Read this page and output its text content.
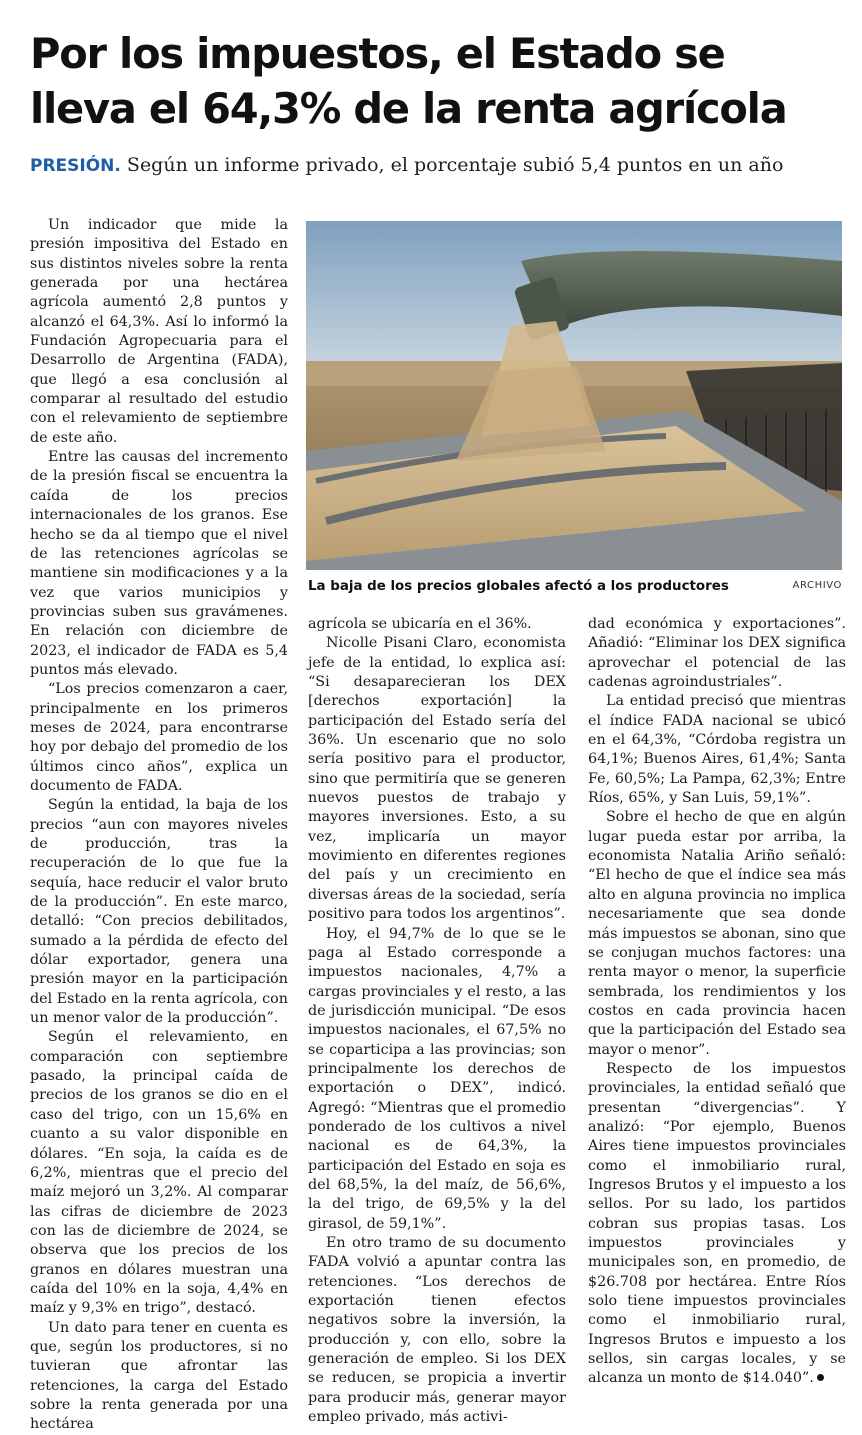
Por los impuestos, el Estado se
lleva el 64,3% de la renta agrícola
PRESIÓN. Según un informe privado, el porcentaje subió 5,4 puntos en un año

Un indicador que mide la presión impositiva del Estado en sus distintos niveles sobre la renta generada por una hectárea agrícola aumentó 2,8 puntos y alcanzó el 64,3%. Así lo informó la Fundación Agropecuaria para el Desarrollo de Argentina (FADA), que llegó a esa conclusión al comparar al resultado del estudio con el relevamiento de septiembre de este año.

Entre las causas del incremento de la presión fiscal se encuentra la caída de los precios internacionales de los granos. Ese hecho se da al tiempo que el nivel de las retenciones agrícolas se mantiene sin modificaciones y a la vez que varios municipios y provincias suben sus gravámenes. En relación con diciembre de 2023, el indicador de FADA es 5,4 puntos más elevado.

“Los precios comenzaron a caer, principalmente en los primeros meses de 2024, para encontrarse hoy por debajo del promedio de los últimos cinco años”, explica un documento de FADA.

Según la entidad, la baja de los precios “aun con mayores niveles de producción, tras la recuperación de lo que fue la sequía, hace reducir el valor bruto de la producción”. En este marco, detalló: “Con precios debilitados, sumado a la pérdida de efecto del dólar exportador, genera una presión mayor en la participación del Estado en la renta agrícola, con un menor valor de la producción”.

Según el relevamiento, en comparación con septiembre pasado, la principal caída de precios de los granos se dio en el caso del trigo, con un 15,6% en cuanto a su valor disponible en dólares. “En soja, la caída es de 6,2%, mientras que el precio del maíz mejoró un 3,2%. Al comparar las cifras de diciembre de 2023 con las de diciembre de 2024, se observa que los precios de los granos en dólares muestran una caída del 10% en la soja, 4,4% en maíz y 9,3% en trigo”, destacó.

Un dato para tener en cuenta es que, según los productores, si no tuvieran que afrontar las retenciones, la carga del Estado sobre la renta generada por una hectárea

La baja de los precios globales afectó a los productores	ARCHIVO

agrícola se ubicaría en el 36%.

Nicolle Pisani Claro, economista jefe de la entidad, lo explica así: “Si desaparecieran los DEX [derechos exportación] la participación del Estado sería del 36%. Un escenario que no solo sería positivo para el productor, sino que permitiría que se generen nuevos puestos de trabajo y mayores inversiones. Esto, a su vez, implicaría un mayor movimiento en diferentes regiones del país y un crecimiento en diversas áreas de la sociedad, sería positivo para todos los argentinos”.

Hoy, el 94,7% de lo que se le paga al Estado corresponde a impuestos nacionales, 4,7% a cargas provinciales y el resto, a las de jurisdicción municipal. “De esos impuestos nacionales, el 67,5% no se coparticipa a las provincias; son principalmente los derechos de exportación o DEX”, indicó. Agregó: “Mientras que el promedio ponderado de los cultivos a nivel nacional es de 64,3%, la participación del Estado en soja es del 68,5%, la del maíz, de 56,6%, la del trigo, de 69,5% y la del girasol, de 59,1%”.

En otro tramo de su documento FADA volvió a apuntar contra las retenciones. “Los derechos de exportación tienen efectos negativos sobre la inversión, la producción y, con ello, sobre la generación de empleo. Si los DEX se reducen, se propicia a invertir para producir más, generar mayor empleo privado, más activi-

dad económica y exportaciones”. Añadió: “Eliminar los DEX significa aprovechar el potencial de las cadenas agroindustriales”.

La entidad precisó que mientras el índice FADA nacional se ubicó en el 64,3%, “Córdoba registra un 64,1%; Buenos Aires, 61,4%; Santa Fe, 60,5%; La Pampa, 62,3%; Entre Ríos, 65%, y San Luis, 59,1%”.

Sobre el hecho de que en algún lugar pueda estar por arriba, la economista Natalia Ariño señaló: “El hecho de que el índice sea más alto en alguna provincia no implica necesariamente que sea donde más impuestos se abonan, sino que se conjugan muchos factores: una renta mayor o menor, la superficie sembrada, los rendimientos y los costos en cada provincia hacen que la participación del Estado sea mayor o menor”.

Respecto de los impuestos provinciales, la entidad señaló que presentan “divergencias”. Y analizó: “Por ejemplo, Buenos Aires tiene impuestos provinciales como el inmobiliario rural, Ingresos Brutos y el impuesto a los sellos. Por su lado, los partidos cobran sus propias tasas. Los impuestos provinciales y municipales son, en promedio, de $26.708 por hectárea. Entre Ríos solo tiene impuestos provinciales como el inmobiliario rural, Ingresos Brutos e impuesto a los sellos, sin cargas locales, y se alcanza un monto de $14.040”.
